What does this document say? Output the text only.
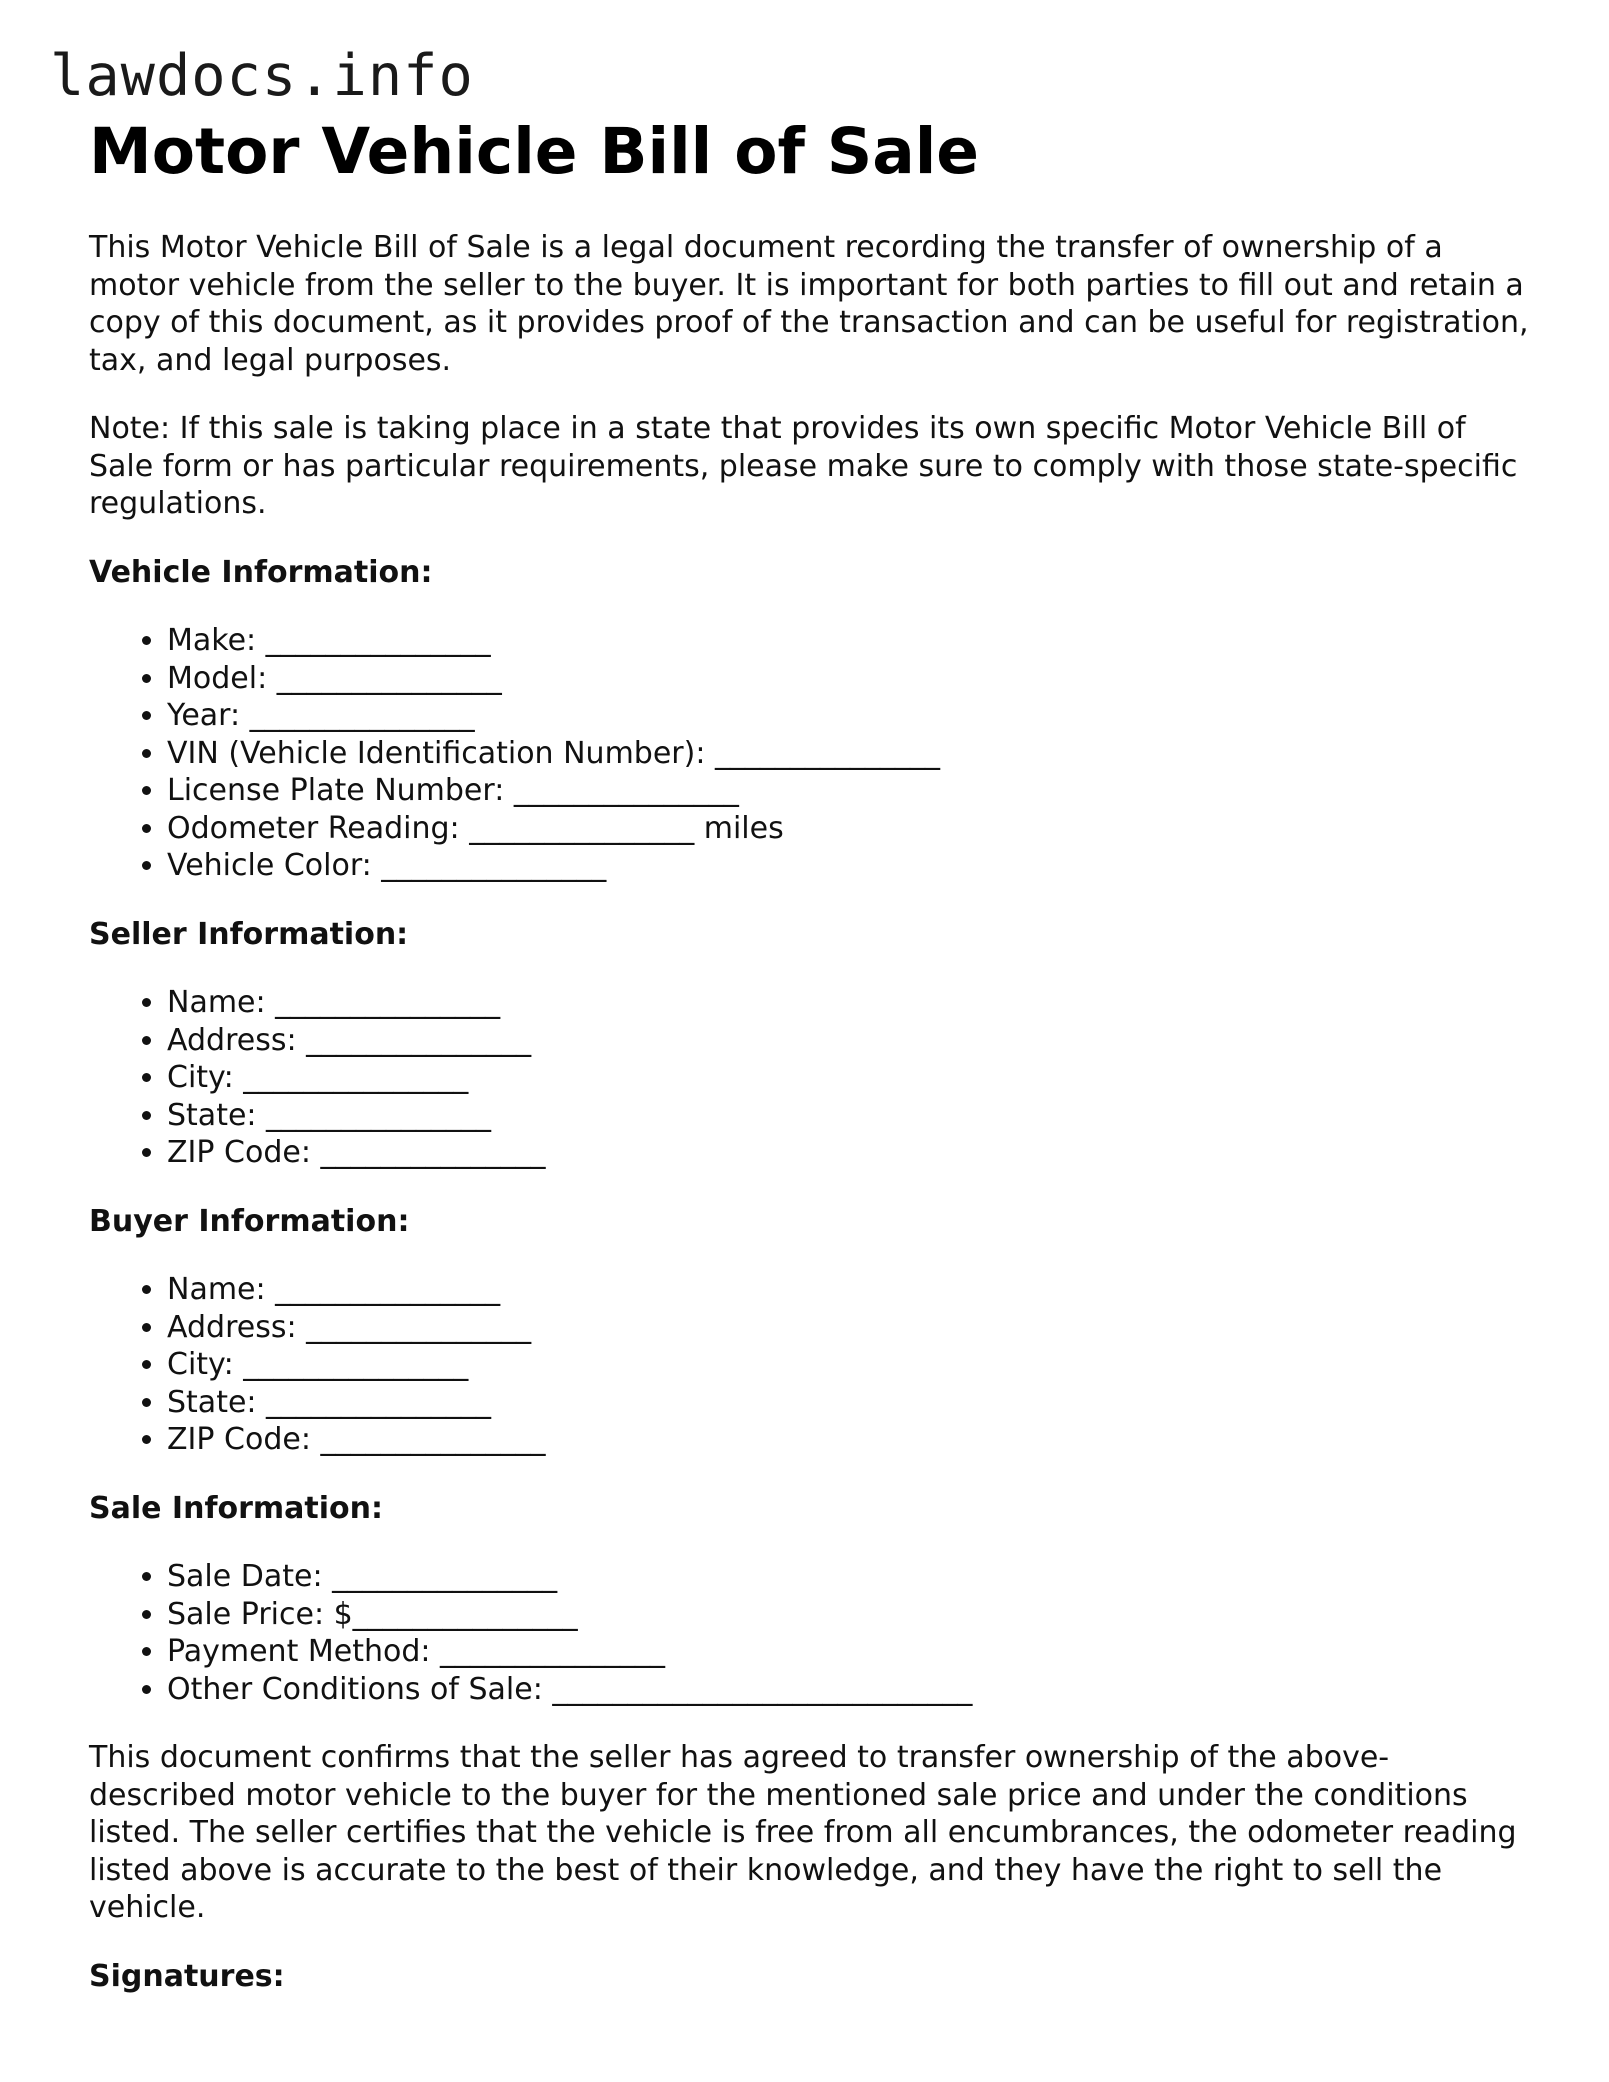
lawdocs.info
Motor Vehicle Bill of Sale

This Motor Vehicle Bill of Sale is a legal document recording the transfer of ownership of a motor vehicle from the seller to the buyer. It is important for both parties to fill out and retain a copy of this document, as it provides proof of the transaction and can be useful for registration, tax, and legal purposes.

Note: If this sale is taking place in a state that provides its own specific Motor Vehicle Bill of Sale form or has particular requirements, please make sure to comply with those state-specific regulations.

Vehicle Information:
• Make: _______________
• Model: _______________
• Year: _______________
• VIN (Vehicle Identification Number): _______________
• License Plate Number: _______________
• Odometer Reading: _______________ miles
• Vehicle Color: _______________
Seller Information:
• Name: _______________
• Address: _______________
• City: _______________
• State: _______________
• ZIP Code: _______________
Buyer Information:
• Name: _______________
• Address: _______________
• City: _______________
• State: _______________
• ZIP Code: _______________
Sale Information:
• Sale Date: _______________
• Sale Price: $_______________
• Payment Method: _______________
• Other Conditions of Sale: ____________________________

This document confirms that the seller has agreed to transfer ownership of the above-described motor vehicle to the buyer for the mentioned sale price and under the conditions listed. The seller certifies that the vehicle is free from all encumbrances, the odometer reading listed above is accurate to the best of their knowledge, and they have the right to sell the vehicle.

Signatures:
